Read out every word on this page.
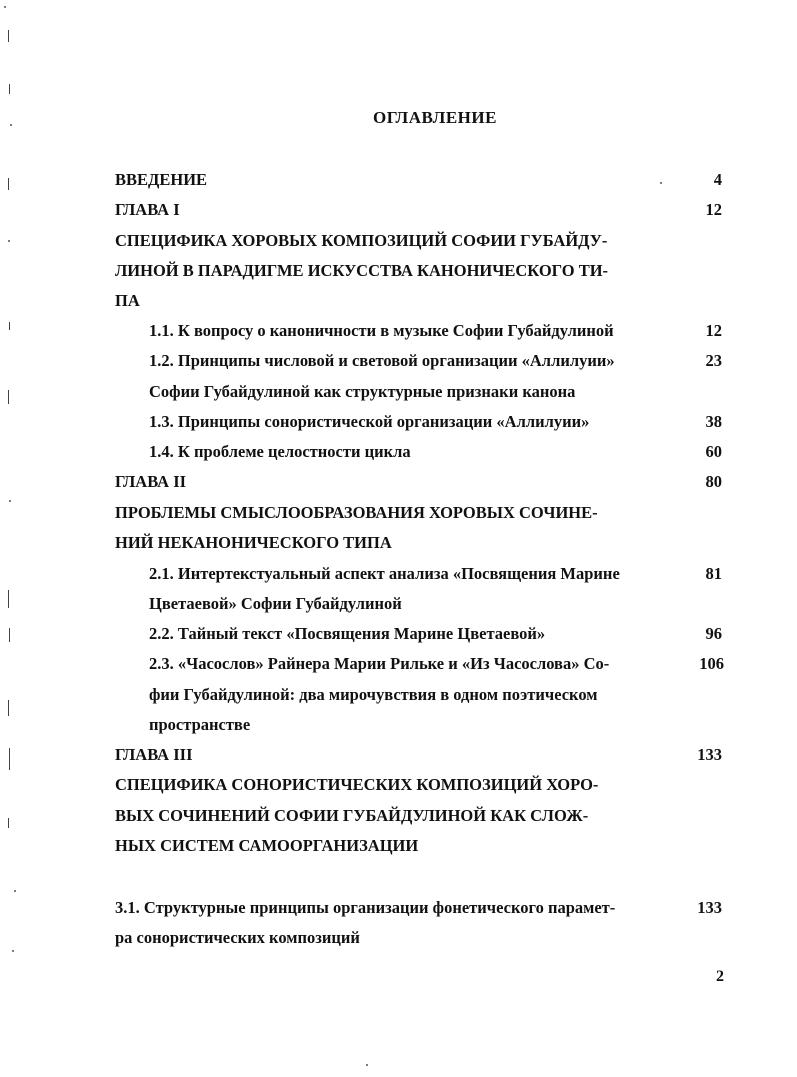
ОГЛАВЛЕНИЕ
ВВЕДЕНИЕ	4
ГЛАВА I	12
СПЕЦИФИКА ХОРОВЫХ КОМПОЗИЦИЙ СОФИИ ГУБАЙДУ-
ЛИНОЙ В ПАРАДИГМЕ ИСКУССТВА КАНОНИЧЕСКОГО ТИ-
ПА
1.1. К вопросу о каноничности в музыке Софии Губайдулиной	12
1.2. Принципы числовой и световой организации «Аллилуии»	23
Софии Губайдулиной как структурные признаки канона
1.3. Принципы сонористической организации «Аллилуии»	38
1.4. К проблеме целостности цикла	60
ГЛАВА II	80
ПРОБЛЕМЫ СМЫСЛООБРАЗОВАНИЯ ХОРОВЫХ СОЧИНЕ-
НИЙ НЕКАНОНИЧЕСКОГО ТИПА
2.1. Интертекстуальный аспект анализа «Посвящения Марине	81
Цветаевой» Софии Губайдулиной
2.2. Тайный текст «Посвящения Марине Цветаевой»	96
2.3. «Часослов» Райнера Марии Рильке и «Из Часослова» Со-	106
фии Губайдулиной: два мирочувствия в одном поэтическом
пространстве
ГЛАВА III	133
СПЕЦИФИКА СОНОРИСТИЧЕСКИХ КОМПОЗИЦИЙ ХОРО-
ВЫХ СОЧИНЕНИЙ СОФИИ ГУБАЙДУЛИНОЙ КАК СЛОЖ-
НЫХ СИСТЕМ САМООРГАНИЗАЦИИ
3.1. Структурные принципы организации фонетического парамет-	133
ра сонористических композиций
2
